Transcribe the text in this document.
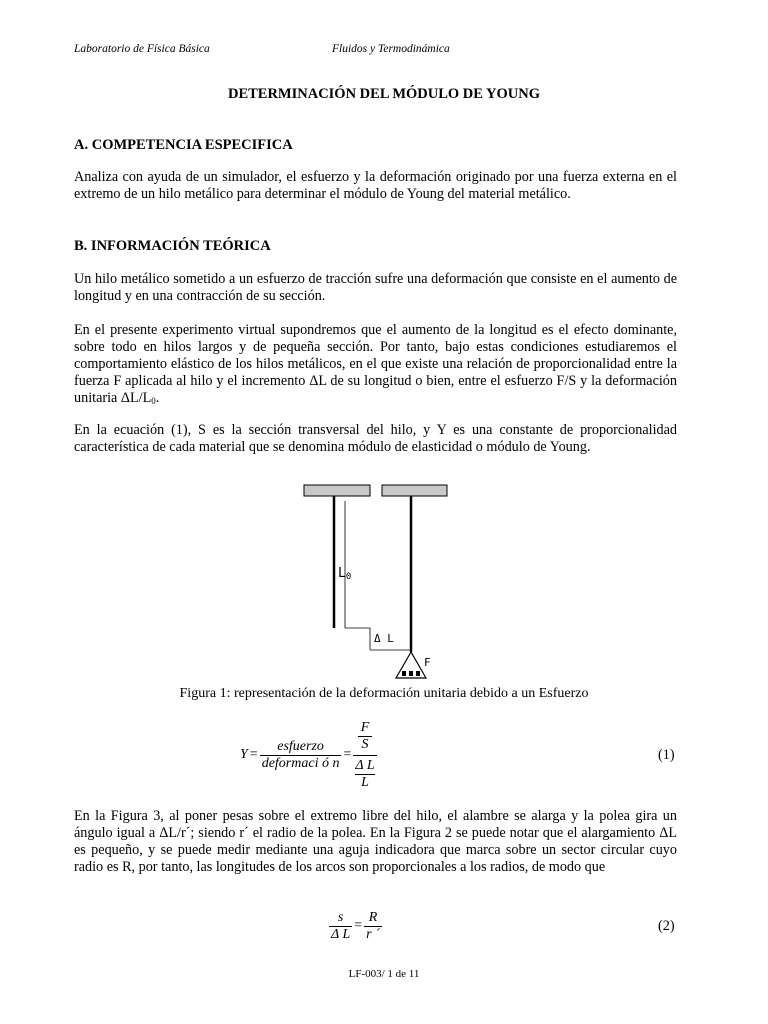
Laboratorio de Física Básica	Fluidos y Termodinámica
DETERMINACIÓN DEL MÓDULO DE YOUNG
A. COMPETENCIA ESPECIFICA
Analiza con ayuda de un simulador, el esfuerzo y la deformación originado por una fuerza externa en el extremo de un hilo metálico para determinar el módulo de Young del material metálico.
B. INFORMACIÓN TEÓRICA
Un hilo metálico sometido a un esfuerzo de tracción sufre una deformación que consiste en el aumento de longitud y en una contracción de su sección.
En el presente experimento virtual supondremos que el aumento de la longitud es el efecto dominante, sobre todo en hilos largos y de pequeña sección. Por tanto, bajo estas condiciones estudiaremos el comportamiento elástico de los hilos metálicos, en el que existe una relación de proporcionalidad entre la fuerza F aplicada al hilo y el incremento ΔL de su longitud o bien, entre el esfuerzo F/S y la deformación unitaria $\Delta L/L_0$.
En la ecuación (1), S es la sección transversal del hilo, y Y es una constante de proporcionalidad característica de cada material que se denomina módulo de elasticidad o módulo de Young.
$L_0$
Δ L
F
Figura 1: representación de la deformación unitaria debido a un Esfuerzo
$Y = \frac{\text{esfuerzo}}{\text{deformaci ó n}} = F$
S
Δ L
L	(1)
En la Figura 3, al poner pesas sobre el extremo libre del hilo, el alambre se alarga y la polea gira un ángulo igual a ΔL/r´; siendo r´ el radio de la polea. En la Figura 2 se puede notar que el alargamiento ΔL es pequeño, y se puede medir mediante una aguja indicadora que marca sobre un sector circular cuyo radio es R, por tanto, las longitudes de los arcos son proporcionales a los radios, de modo que
$\frac{s}{\text{Δ L}} = \frac{R}{r ´}$	(2)
LF-003/ 1 de 11
